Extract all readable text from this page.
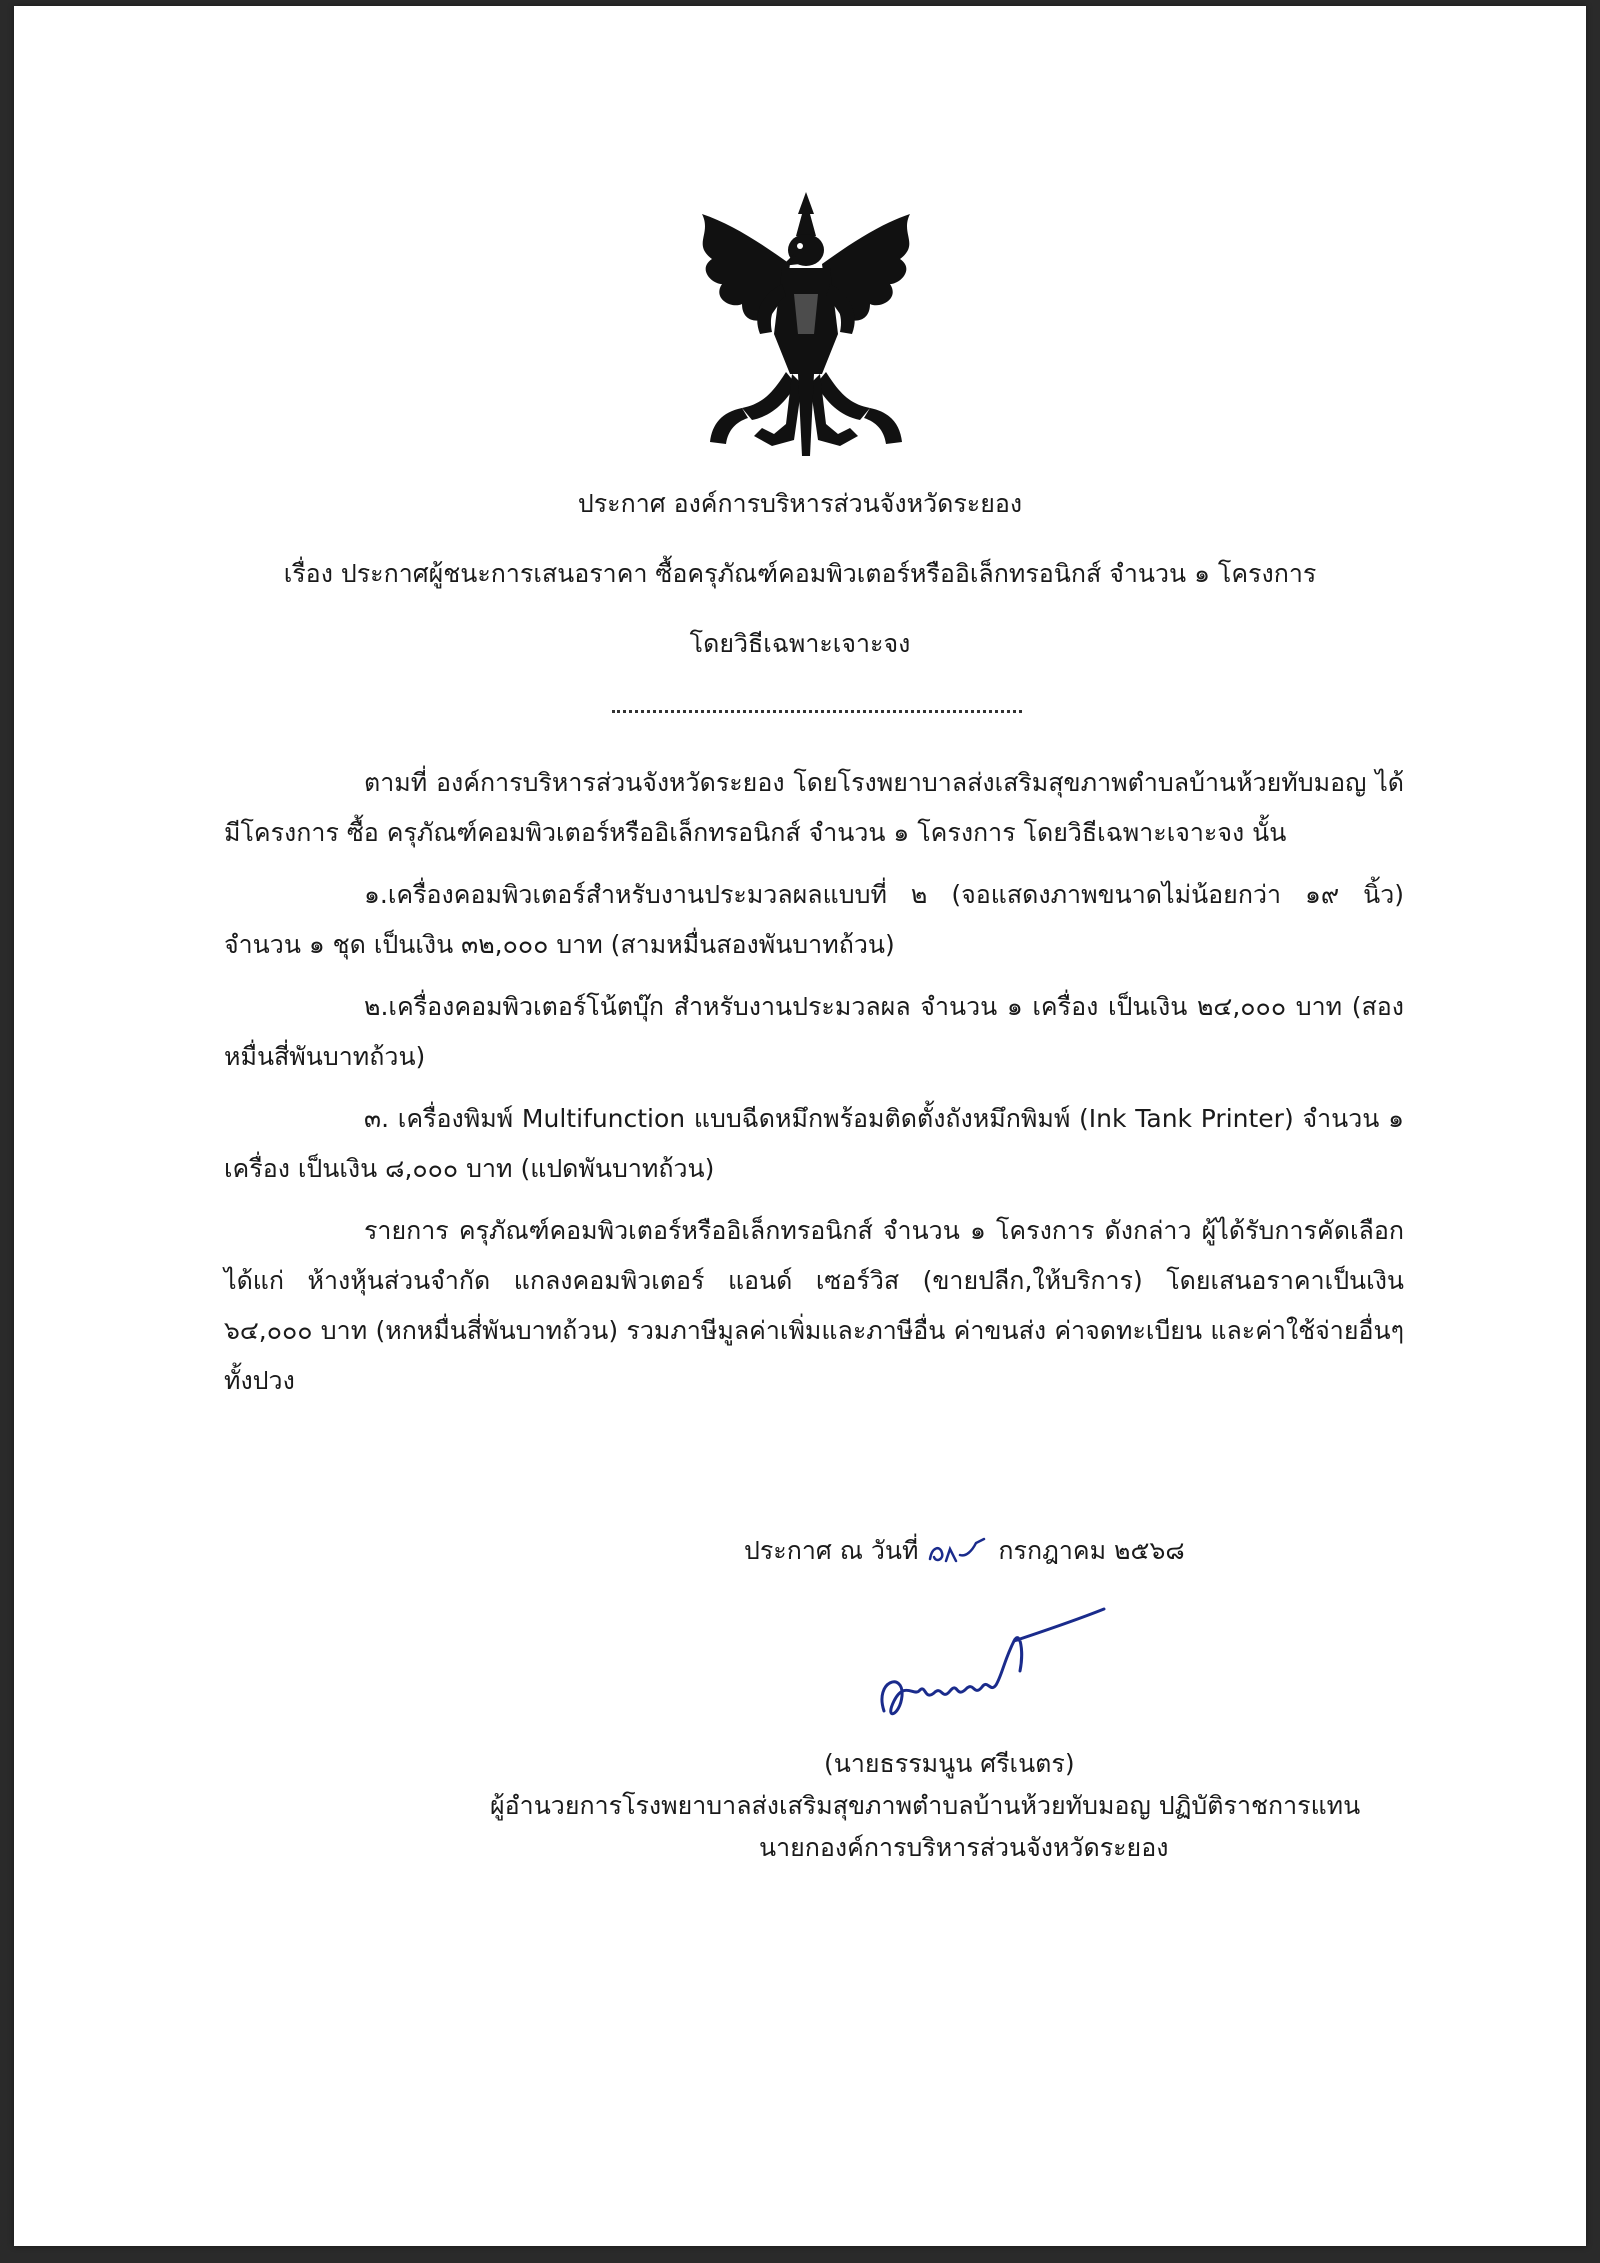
ประกาศ องค์การบริหารส่วนจังหวัดระยอง
เรื่อง ประกาศผู้ชนะการเสนอราคา ซื้อครุภัณฑ์คอมพิวเตอร์หรืออิเล็กทรอนิกส์ จำนวน ๑ โครงการ
โดยวิธีเฉพาะเจาะจง

ตามที่ องค์การบริหารส่วนจังหวัดระยอง โดยโรงพยาบาลส่งเสริมสุขภาพตำบลบ้านห้วยทับมอญ ได้มีโครงการ ซื้อ ครุภัณฑ์คอมพิวเตอร์หรืออิเล็กทรอนิกส์ จำนวน ๑ โครงการ โดยวิธีเฉพาะเจาะจง นั้น

๑.เครื่องคอมพิวเตอร์สำหรับงานประมวลผลแบบที่ ๒ (จอแสดงภาพขนาดไม่น้อยกว่า ๑๙ นิ้ว) จำนวน ๑ ชุด เป็นเงิน ๓๒,๐๐๐ บาท (สามหมื่นสองพันบาทถ้วน)

๒.เครื่องคอมพิวเตอร์โน้ตบุ๊ก สำหรับงานประมวลผล จำนวน ๑ เครื่อง เป็นเงิน ๒๔,๐๐๐ บาท (สองหมื่นสี่พันบาทถ้วน)

๓. เครื่องพิมพ์ Multifunction แบบฉีดหมึกพร้อมติดตั้งถังหมึกพิมพ์ (Ink Tank Printer) จำนวน ๑ เครื่อง เป็นเงิน ๘,๐๐๐ บาท (แปดพันบาทถ้วน)

รายการ ครุภัณฑ์คอมพิวเตอร์หรืออิเล็กทรอนิกส์ จำนวน ๑ โครงการ ดังกล่าว ผู้ได้รับการคัดเลือก ได้แก่ ห้างหุ้นส่วนจำกัด แกลงคอมพิวเตอร์ แอนด์ เซอร์วิส (ขายปลีก,ให้บริการ) โดยเสนอราคาเป็นเงิน ๖๔,๐๐๐ บาท (หกหมื่นสี่พันบาทถ้วน) รวมภาษีมูลค่าเพิ่มและภาษีอื่น ค่าขนส่ง ค่าจดทะเบียน และค่าใช้จ่ายอื่นๆทั้งปวง

ประกาศ ณ วันที่	กรกฎาคม ๒๕๖๘
(นายธรรมนูน ศรีเนตร)
ผู้อำนวยการโรงพยาบาลส่งเสริมสุขภาพตำบลบ้านห้วยทับมอญ ปฏิบัติราชการแทน
นายกองค์การบริหารส่วนจังหวัดระยอง
